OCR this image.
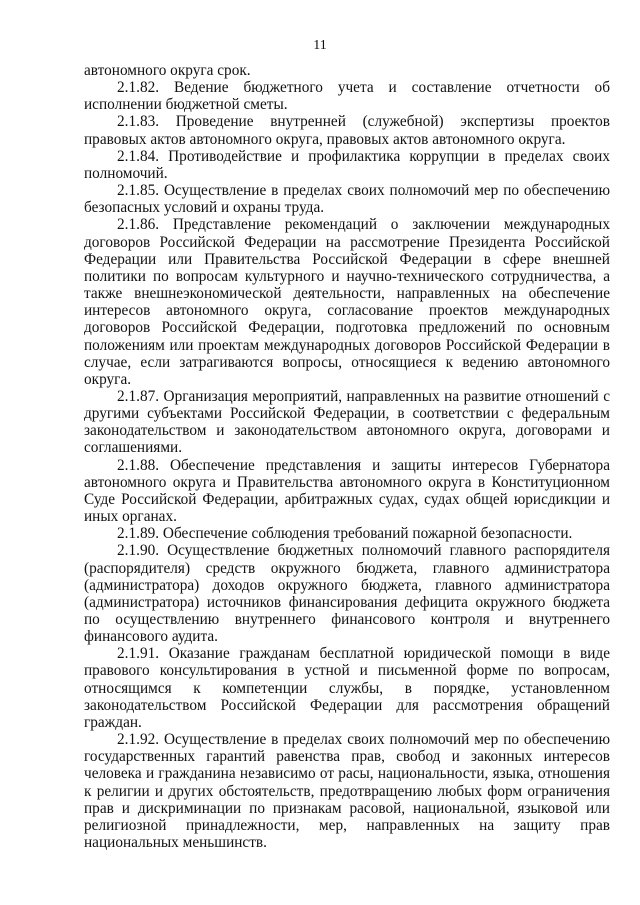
11

автономного округа срок.

2.1.82. Ведение бюджетного учета и составление отчетности об исполнении бюджетной сметы.

2.1.83. Проведение внутренней (служебной) экспертизы проектов правовых актов автономного округа, правовых актов автономного округа.

2.1.84. Противодействие и профилактика коррупции в пределах своих полномочий.

2.1.85. Осуществление в пределах своих полномочий мер по обеспечению безопасных условий и охраны труда.

2.1.86. Представление рекомендаций о заключении международных договоров Российской Федерации на рассмотрение Президента Российской Федерации или Правительства Российской Федерации в сфере внешней политики по вопросам культурного и научно-технического сотрудничества, а также внешнеэкономической деятельности, направленных на обеспечение интересов автономного округа, согласование проектов международных договоров Российской Федерации, подготовка предложений по основным положениям или проектам международных договоров Российской Федерации в случае, если затрагиваются вопросы, относящиеся к ведению автономного округа.

2.1.87. Организация мероприятий, направленных на развитие отношений с другими субъектами Российской Федерации, в соответствии с федеральным законодательством и законодательством автономного округа, договорами и соглашениями.

2.1.88. Обеспечение представления и защиты интересов Губернатора автономного округа и Правительства автономного округа в Конституционном Суде Российской Федерации, арбитражных судах, судах общей юрисдикции и иных органах.

2.1.89. Обеспечение соблюдения требований пожарной безопасности.

2.1.90. Осуществление бюджетных полномочий главного распорядителя (распорядителя) средств окружного бюджета, главного администратора (администратора) доходов окружного бюджета, главного администратора (администратора) источников финансирования дефицита окружного бюджета по осуществлению внутреннего финансового контроля и внутреннего финансового аудита.

2.1.91. Оказание гражданам бесплатной юридической помощи в виде правового консультирования в устной и письменной форме по вопросам, относящимся к компетенции службы, в порядке, установленном законодательством Российской Федерации для рассмотрения обращений граждан.

2.1.92. Осуществление в пределах своих полномочий мер по обеспечению государственных гарантий равенства прав, свобод и законных интересов человека и гражданина независимо от расы, национальности, языка, отношения к религии и других обстоятельств, предотвращению любых форм ограничения прав и дискриминации по признакам расовой, национальной, языковой или религиозной принадлежности, мер, направленных на защиту прав национальных меньшинств.
